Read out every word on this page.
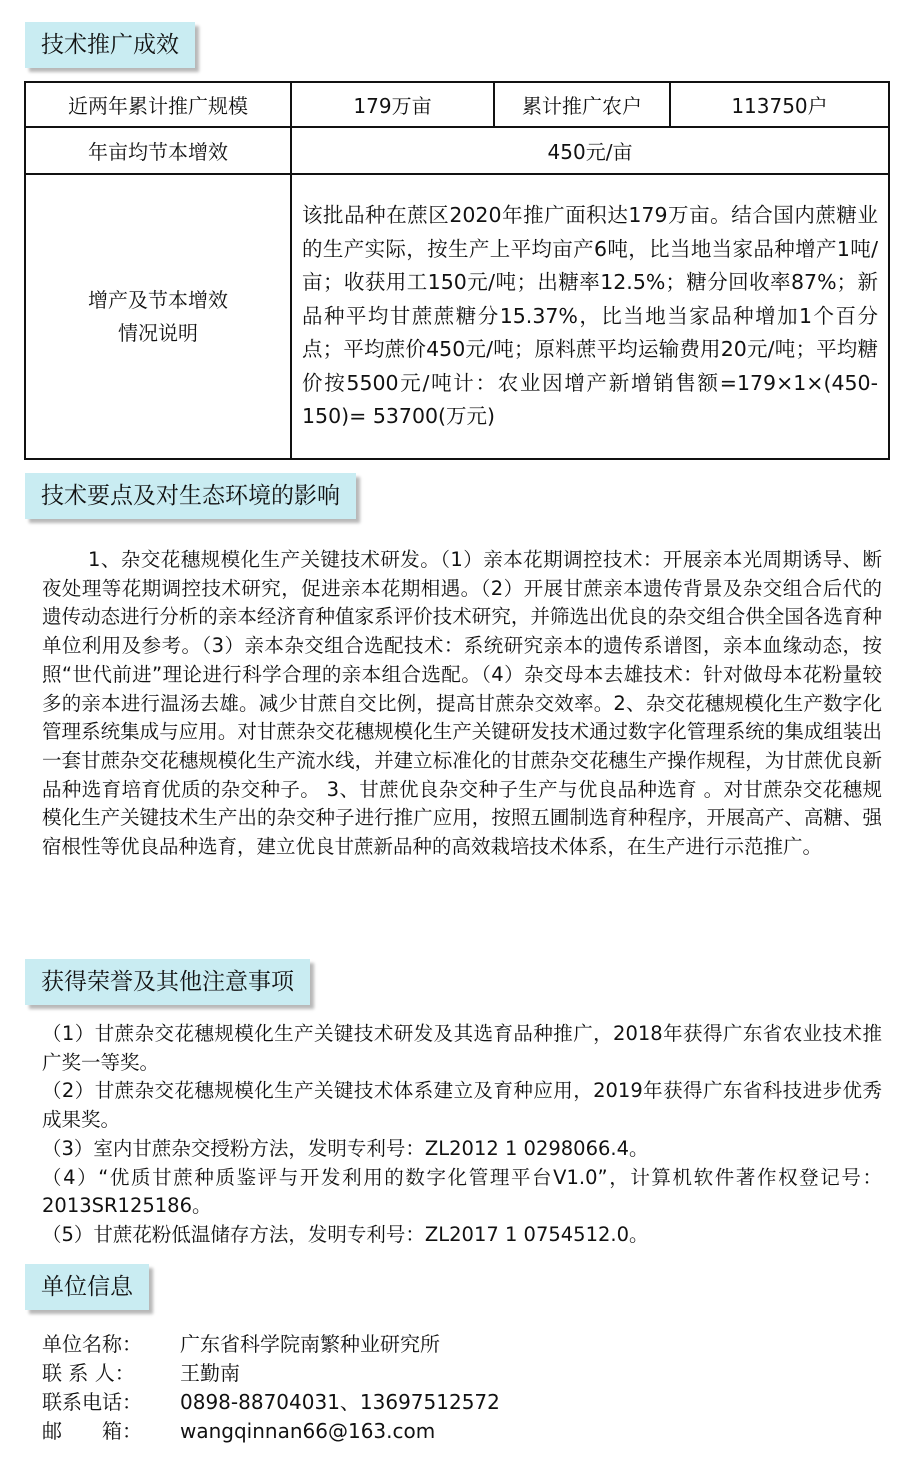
技术推广成效
近两年累计推广规模	179万亩	累计推广农户	113750户
年亩均节本增效	450元/亩		

增产及节本增效
情况说明	该批品种在蔗区2020年推广面积达179万亩。结合国内蔗糖业的生产实际，按生产上平均亩产6吨，比当地当家品种增产1吨/亩；收获用工150元/吨；出糖率12.5%；糖分回收率87%；新品种平均甘蔗蔗糖分15.37%，比当地当家品种增加1个百分点；平均蔗价450元/吨；原料蔗平均运输费用20元/吨；平均糖价按5500元/吨计：农业因增产新增销售额=179×1×(450-150)= 53700(万元)		
技术要点及对生态环境的影响

1、杂交花穗规模化生产关键技术研发。（1）亲本花期调控技术：开展亲本光周期诱导、断夜处理等花期调控技术研究，促进亲本花期相遇。（2）开展甘蔗亲本遗传背景及杂交组合后代的遗传动态进行分析的亲本经济育种值家系评价技术研究，并筛选出优良的杂交组合供全国各选育种单位利用及参考。（3）亲本杂交组合选配技术：系统研究亲本的遗传系谱图，亲本血缘动态，按照“世代前进”理论进行科学合理的亲本组合选配。（4）杂交母本去雄技术：针对做母本花粉量较多的亲本进行温汤去雄。减少甘蔗自交比例，提高甘蔗杂交效率。2、杂交花穗规模化生产数字化管理系统集成与应用。对甘蔗杂交花穗规模化生产关键研发技术通过数字化管理系统的集成组装出一套甘蔗杂交花穗规模化生产流水线，并建立标准化的甘蔗杂交花穗生产操作规程，为甘蔗优良新品种选育培育优质的杂交种子。 3、甘蔗优良杂交种子生产与优良品种选育 。对甘蔗杂交花穗规模化生产关键技术生产出的杂交种子进行推广应用，按照五圃制选育种程序，开展高产、高糖、强宿根性等优良品种选育，建立优良甘蔗新品种的高效栽培技术体系，在生产进行示范推广。

获得荣誉及其他注意事项

（1）甘蔗杂交花穗规模化生产关键技术研发及其选育品种推广，2018年获得广东省农业技术推广奖一等奖。

（2）甘蔗杂交花穗规模化生产关键技术体系建立及育种应用，2019年获得广东省科技进步优秀成果奖。

（3）室内甘蔗杂交授粉方法，发明专利号：ZL2012 1 0298066.4。

（4）“优质甘蔗种质鉴评与开发利用的数字化管理平台V1.0”，计算机软件著作权登记号：2013SR125186。

（5）甘蔗花粉低温储存方法，发明专利号：ZL2017 1 0754512.0。

单位信息
单位名称： 广东省科学院南繁种业研究所
联 系 人： 王勤南
联系电话： 0898-88704031、13697512572
邮　　箱： wangqinnan66@163.com
